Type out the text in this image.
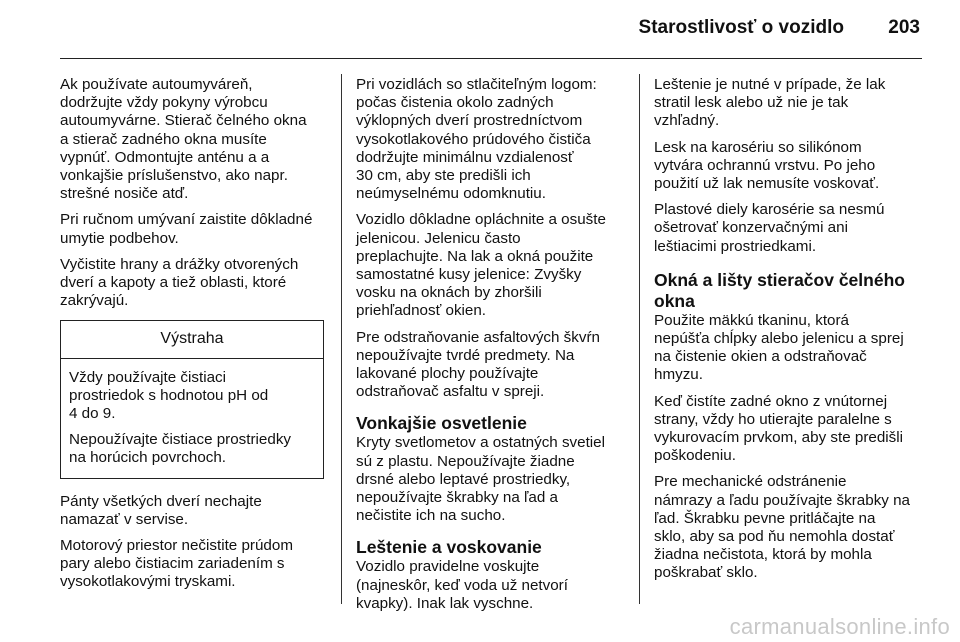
Starostlivosť o vozidlo 203

Ak používate autoumyváreň,
dodržujte vždy pokyny výrobcu
autoumyvárne. Stierač čelného okna
a stierač zadného okna musíte
vypnúť. Odmontujte anténu a a
vonkajšie príslušenstvo, ako napr.
strešné nosiče atď.

Pri ručnom umývaní zaistite dôkladné
umytie podbehov.

Vyčistite hrany a drážky otvorených
dverí a kapoty a tiež oblasti, ktoré
zakrývajú.

Výstraha

Vždy používajte čistiaci
prostriedok s hodnotou pH od
4 do 9.

Nepoužívajte čistiace prostriedky
na horúcich povrchoch.

Pánty všetkých dverí nechajte
namazať v servise.

Motorový priestor nečistite prúdom
pary alebo čistiacim zariadením s
vysokotlakovými tryskami.

Pri vozidlách so stlačiteľným logom:
počas čistenia okolo zadných
výklopných dverí prostredníctvom
vysokotlakového prúdového čističa
dodržujte minimálnu vzdialenosť
30 cm, aby ste predišli ich
neúmyselnému odomknutiu.

Vozidlo dôkladne opláchnite a osušte
jelenicou. Jelenicu často
preplachujte. Na lak a okná použite
samostatné kusy jelenice: Zvyšky
vosku na oknách by zhoršili
priehľadnosť okien.

Pre odstraňovanie asfaltových škvŕn
nepoužívajte tvrdé predmety. Na
lakované plochy používajte
odstraňovač asfaltu v spreji.

Vonkajšie osvetlenie

Kryty svetlometov a ostatných svetiel
sú z plastu. Nepoužívajte žiadne
drsné alebo leptavé prostriedky,
nepoužívajte škrabky na ľad a
nečistite ich na sucho.

Leštenie a voskovanie

Vozidlo pravidelne voskujte
(najneskôr, keď voda už netvorí
kvapky). Inak lak vyschne.

Leštenie je nutné v prípade, že lak
stratil lesk alebo už nie je tak
vzhľadný.

Lesk na karosériu so silikónom
vytvára ochrannú vrstvu. Po jeho
použití už lak nemusíte voskovať.

Plastové diely karosérie sa nesmú
ošetrovať konzervačnými ani
leštiacimi prostriedkami.

Okná a lišty stieračov čelného
okna

Použite mäkkú tkaninu, ktorá
nepúšťa chĺpky alebo jelenicu a sprej
na čistenie okien a odstraňovač
hmyzu.

Keď čistíte zadné okno z vnútornej
strany, vždy ho utierajte paralelne s
vykurovacím prvkom, aby ste predišli
poškodeniu.

Pre mechanické odstránenie
námrazy a ľadu používajte škrabky na
ľad. Škrabku pevne pritláčajte na
sklo, aby sa pod ňu nemohla dostať
žiadna nečistota, ktorá by mohla
poškrabať sklo.

carmanualsonline.info
